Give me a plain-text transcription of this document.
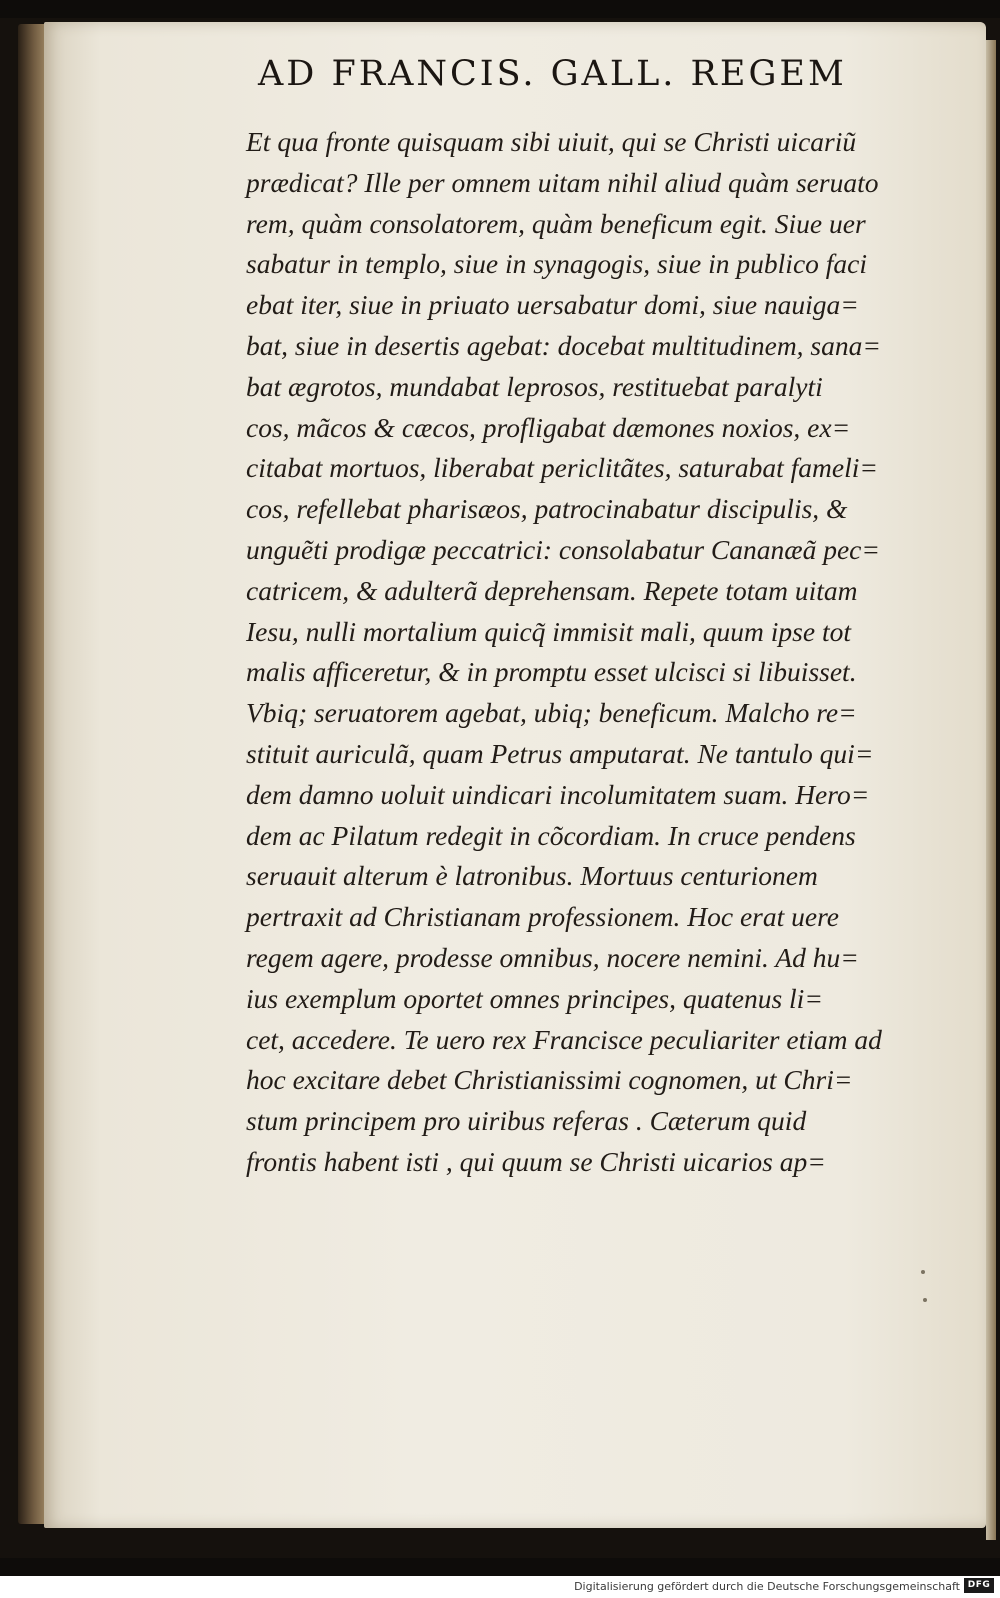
AD FRANCIS. GALL. REGEM
Et qua fronte quisquam sibi uiuit, qui se Christi uicariũ
prædicat? Ille per omnem uitam nihil aliud quàm seruato
rem, quàm consolatorem, quàm beneficum egit. Siue uer
sabatur in templo, siue in synagogis, siue in publico faci
ebat iter, siue in priuato uersabatur domi, siue nauiga=
bat, siue in desertis agebat: docebat multitudinem, sana=
bat ægrotos, mundabat leprosos, restituebat paralyti
cos, mãcos & cæcos, profligabat dæmones noxios, ex=
citabat mortuos, liberabat periclitãtes, saturabat fameli=
cos, refellebat pharisæos, patrocinabatur discipulis, &
unguẽti prodigæ peccatrici: consolabatur Cananæã pec=
catricem, & adulterã deprehensam. Repete totam uitam
Iesu, nulli mortalium quicq̃ immisit mali, quum ipse tot
malis afficeretur, & in promptu esset ulcisci si libuisset.
Vbiq; seruatorem agebat, ubiq; beneficum. Malcho re=
stituit auriculã, quam Petrus amputarat. Ne tantulo qui=
dem damno uoluit uindicari incolumitatem suam. Hero=
dem ac Pilatum redegit in cõcordiam. In cruce pendens
seruauit alterum è latronibus. Mortuus centurionem
pertraxit ad Christianam professionem. Hoc erat uere
regem agere, prodesse omnibus, nocere nemini. Ad hu=
ius exemplum oportet omnes principes, quatenus li=
cet, accedere. Te uero rex Francisce peculiariter etiam ad
hoc excitare debet Christianissimi cognomen, ut Chri=
stum principem pro uiribus referas . Cæterum quid
frontis habent isti , qui quum se Christi uicarios ap=
Digitalisierung gefördert durch die Deutsche Forschungsgemeinschaft DFG
